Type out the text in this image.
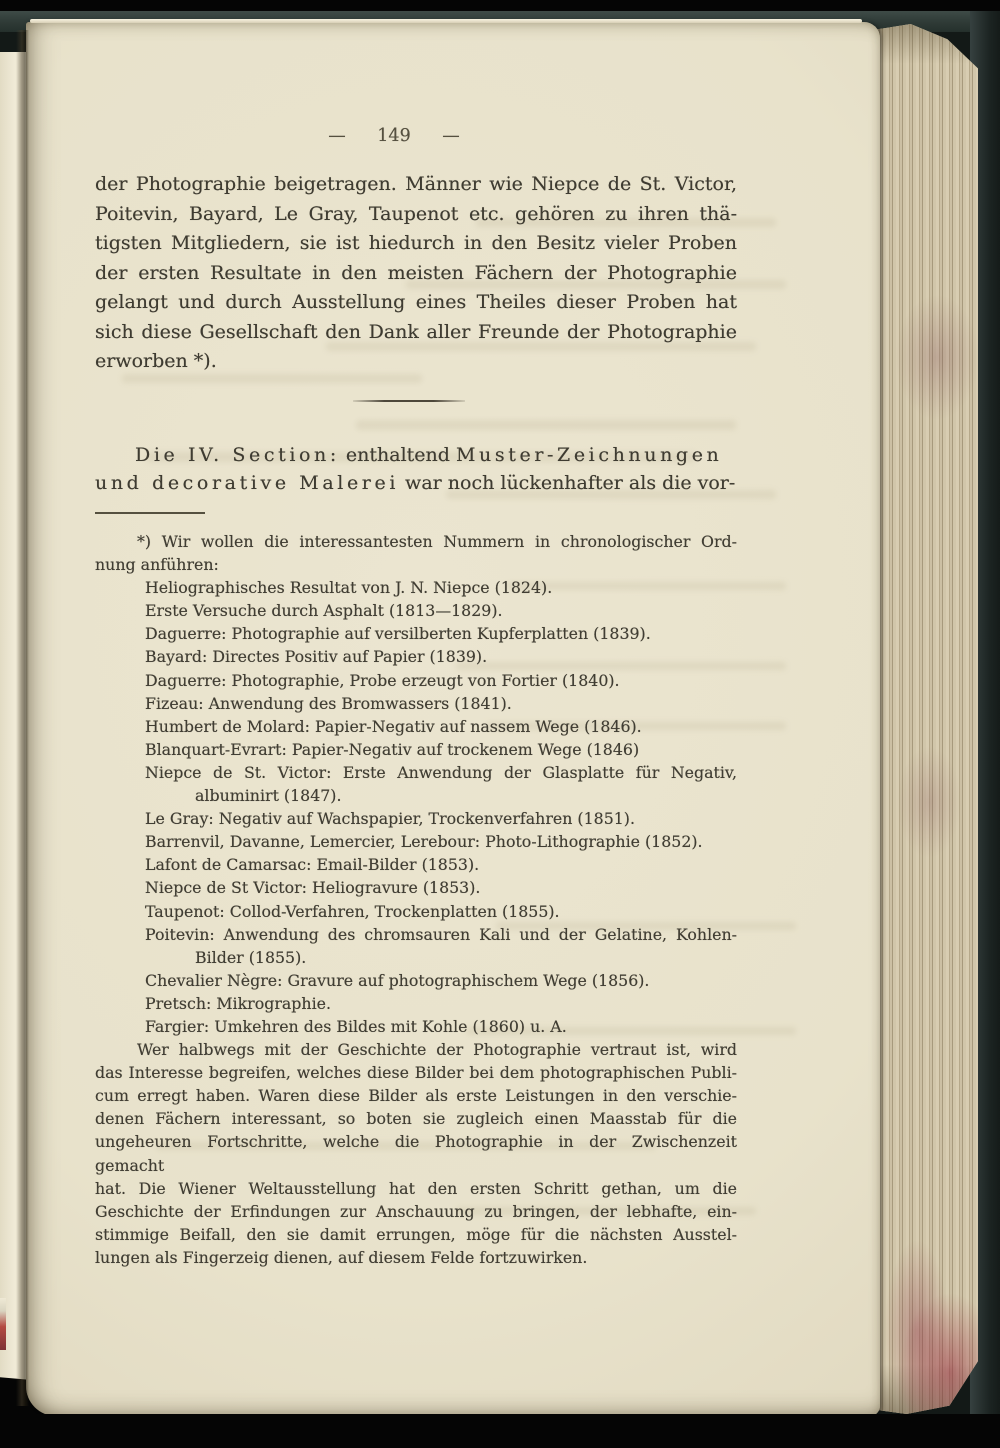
— 149 —
der Photographie beigetragen. Männer wie Niepce de St. Victor,
Poitevin, Bayard, Le Gray, Taupenot etc. gehören zu ihren thä-
tigsten Mitgliedern, sie ist hiedurch in den Besitz vieler Proben
der ersten Resultate in den meisten Fächern der Photographie
gelangt und durch Ausstellung eines Theiles dieser Proben hat
sich diese Gesellschaft den Dank aller Freunde der Photographie
erworben *).
Die IV. Section: enthaltend Muster-Zeichnungen
und decorative Malerei war noch lückenhafter als die vor-
*) Wir wollen die interessantesten Nummern in chronologischer Ord-
nung anführen:
Heliographisches Resultat von J. N. Niepce (1824).
Erste Versuche durch Asphalt (1813—1829).
Daguerre: Photographie auf versilberten Kupferplatten (1839).
Bayard: Directes Positiv auf Papier (1839).
Daguerre: Photographie, Probe erzeugt von Fortier (1840).
Fizeau: Anwendung des Bromwassers (1841).
Humbert de Molard: Papier-Negativ auf nassem Wege (1846).
Blanquart-Evrart: Papier-Negativ auf trockenem Wege (1846)
Niepce de St. Victor: Erste Anwendung der Glasplatte für Negativ,
albuminirt (1847).
Le Gray: Negativ auf Wachspapier, Trockenverfahren (1851).
Barrenvil, Davanne, Lemercier, Lerebour: Photo-Lithographie (1852).
Lafont de Camarsac: Email-Bilder (1853).
Niepce de St Victor: Heliogravure (1853).
Taupenot: Collod-Verfahren, Trockenplatten (1855).
Poitevin: Anwendung des chromsauren Kali und der Gelatine, Kohlen-
Bilder (1855).
Chevalier Nègre: Gravure auf photographischem Wege (1856).
Pretsch: Mikrographie.
Fargier: Umkehren des Bildes mit Kohle (1860) u. A.
Wer halbwegs mit der Geschichte der Photographie vertraut ist, wird
das Interesse begreifen, welches diese Bilder bei dem photographischen Publi-
cum erregt haben. Waren diese Bilder als erste Leistungen in den verschie-
denen Fächern interessant, so boten sie zugleich einen Maasstab für die
ungeheuren Fortschritte, welche die Photographie in der Zwischenzeit gemacht
hat. Die Wiener Weltausstellung hat den ersten Schritt gethan, um die
Geschichte der Erfindungen zur Anschauung zu bringen, der lebhafte, ein-
stimmige Beifall, den sie damit errungen, möge für die nächsten Ausstel-
lungen als Fingerzeig dienen, auf diesem Felde fortzuwirken.
